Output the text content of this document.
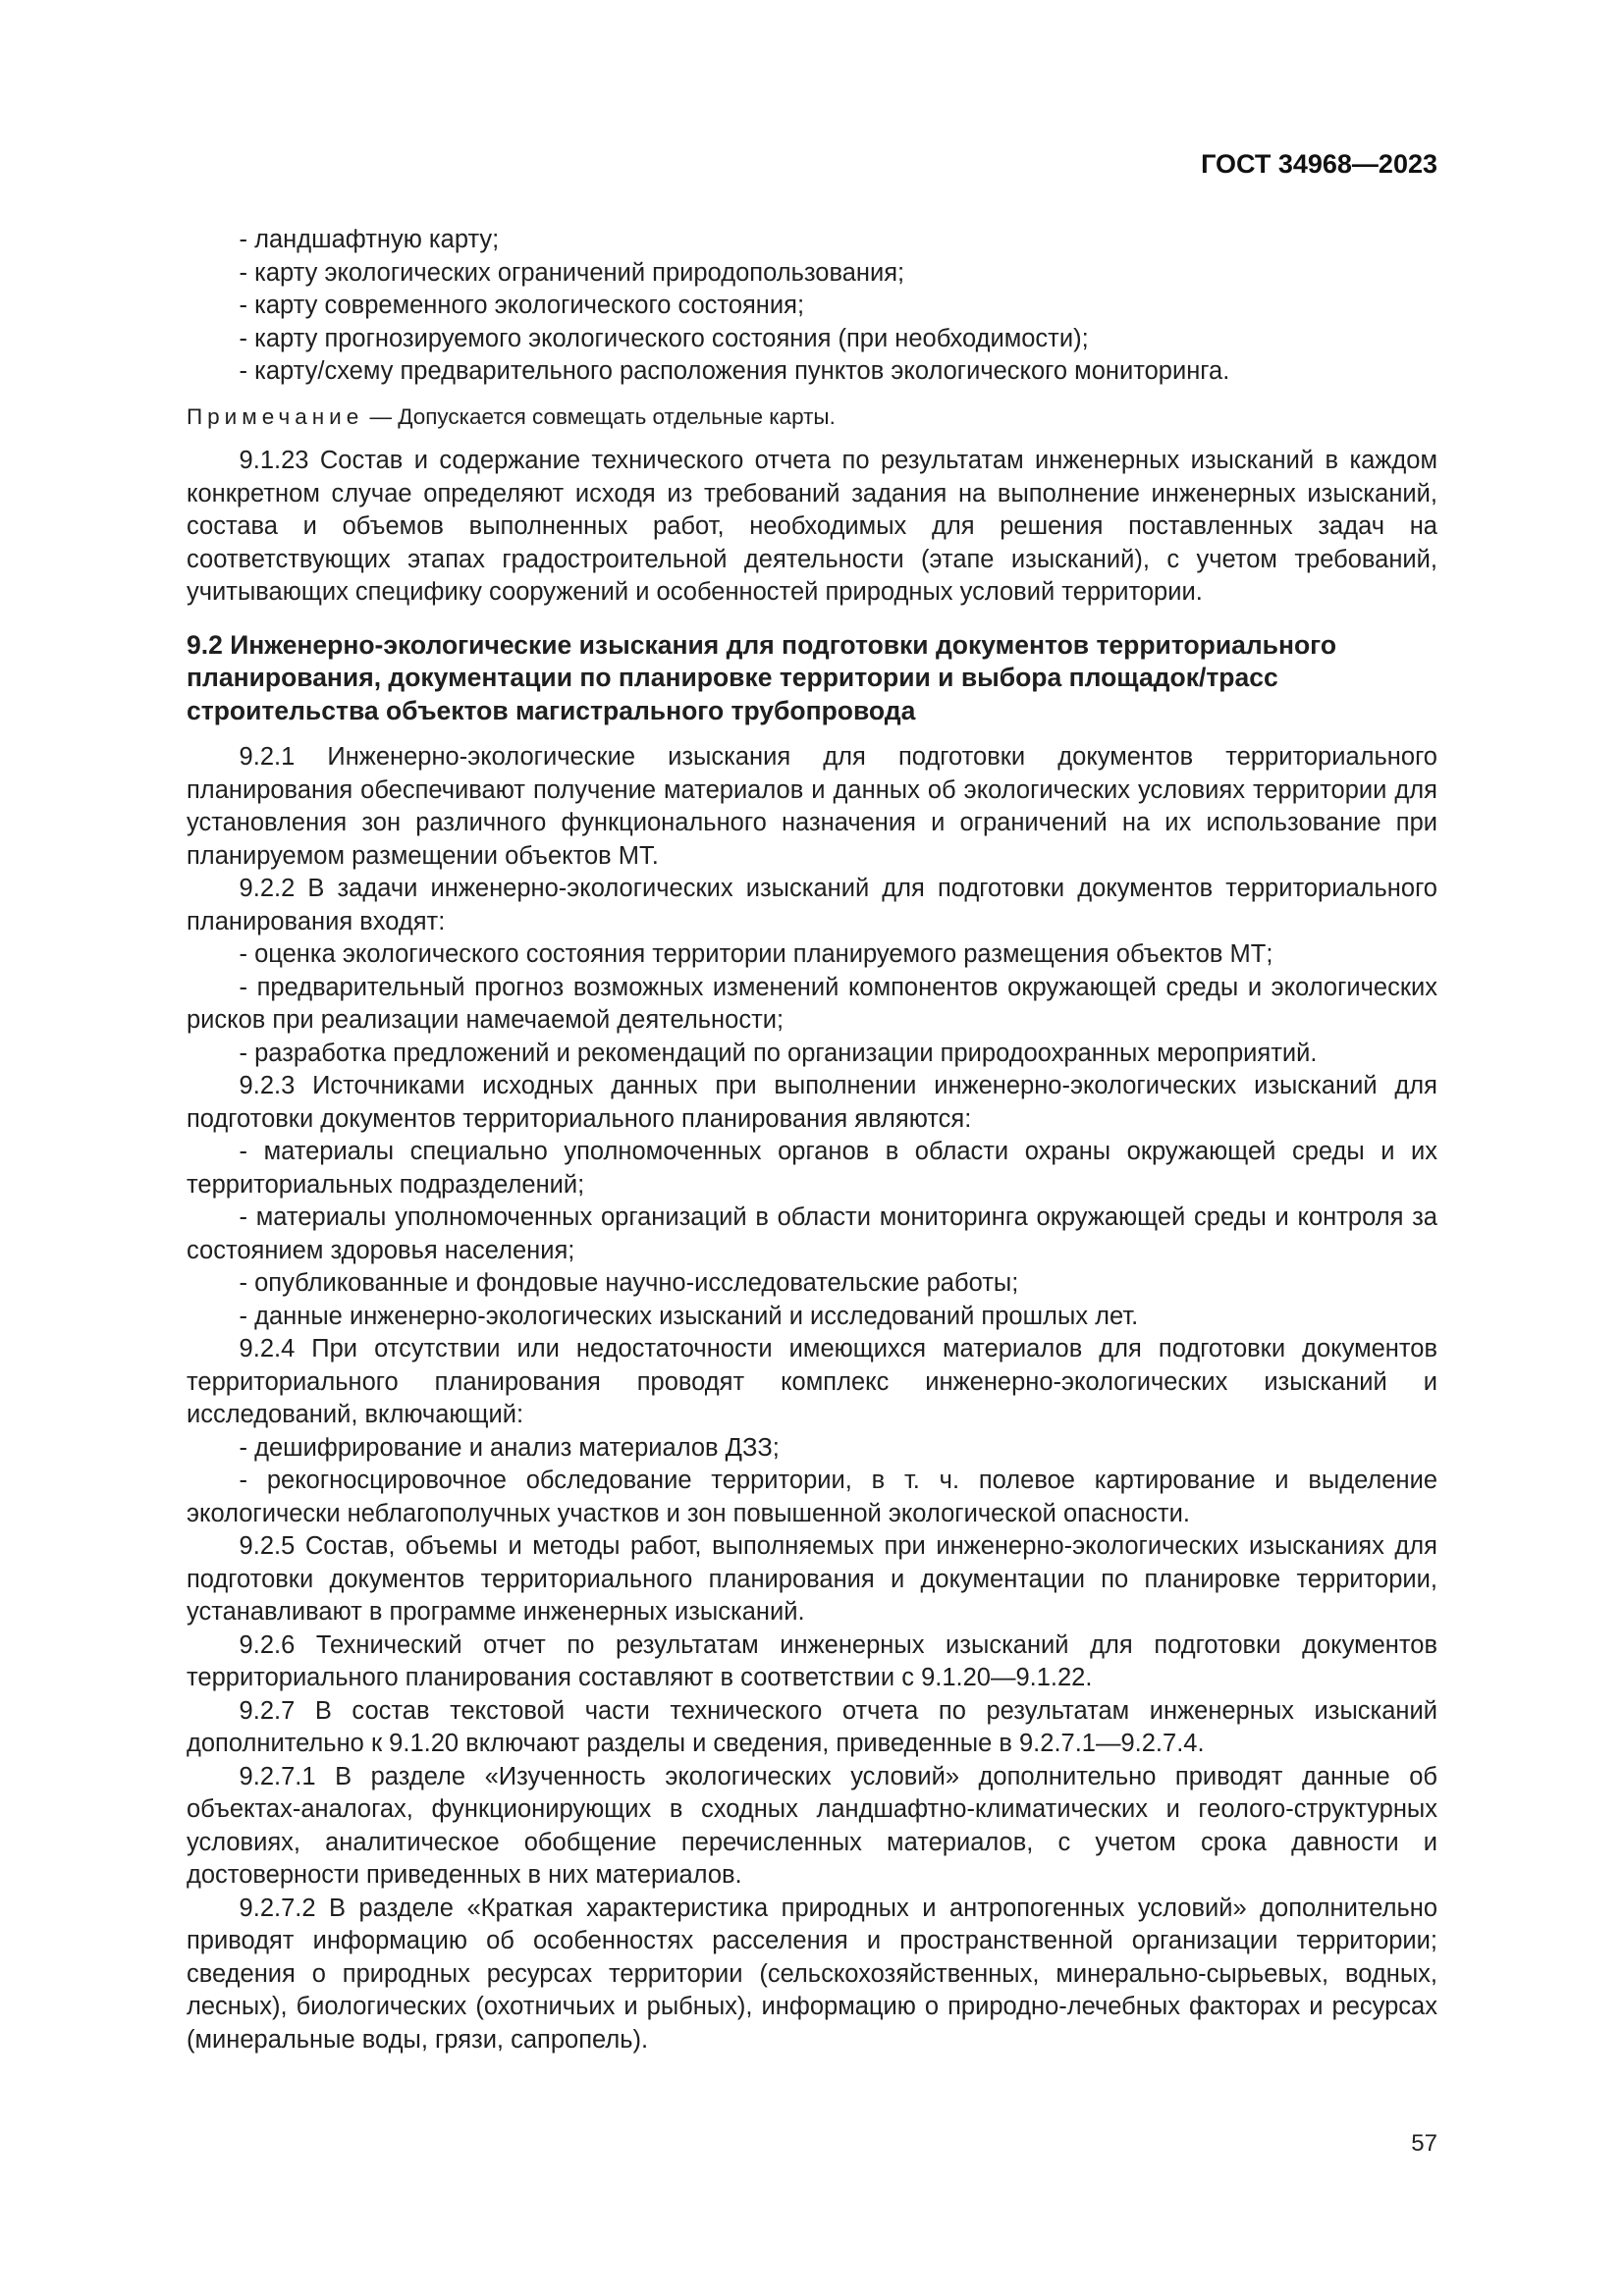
ГОСТ 34968—2023

- ландшафтную карту;

- карту экологических ограничений природопользования;

- карту современного экологического состояния;

- карту прогнозируемого экологического состояния (при необходимости);

- карту/схему предварительного расположения пунктов экологического мониторинга.

Примечание — Допускается совмещать отдельные карты.

9.1.23 Состав и содержание технического отчета по результатам инженерных изысканий в каждом конкретном случае определяют исходя из требований задания на выполнение инженерных изысканий, состава и объемов выполненных работ, необходимых для решения поставленных задач на соответствующих этапах градостроительной деятельности (этапе изысканий), с учетом требований, учитывающих специфику сооружений и особенностей природных условий территории.

9.2 Инженерно-экологические изыскания для подготовки документов территориального планирования, документации по планировке территории и выбора площадок/трасс строительства объектов магистрального трубопровода

9.2.1 Инженерно-экологические изыскания для подготовки документов территориального планирования обеспечивают получение материалов и данных об экологических условиях территории для установления зон различного функционального назначения и ограничений на их использование при планируемом размещении объектов МТ.

9.2.2 В задачи инженерно-экологических изысканий для подготовки документов территориального планирования входят:

- оценка экологического состояния территории планируемого размещения объектов МТ;

- предварительный прогноз возможных изменений компонентов окружающей среды и экологических рисков при реализации намечаемой деятельности;

- разработка предложений и рекомендаций по организации природоохранных мероприятий.

9.2.3 Источниками исходных данных при выполнении инженерно-экологических изысканий для подготовки документов территориального планирования являются:

- материалы специально уполномоченных органов в области охраны окружающей среды и их территориальных подразделений;

- материалы уполномоченных организаций в области мониторинга окружающей среды и контроля за состоянием здоровья населения;

- опубликованные и фондовые научно-исследовательские работы;

- данные инженерно-экологических изысканий и исследований прошлых лет.

9.2.4 При отсутствии или недостаточности имеющихся материалов для подготовки документов территориального планирования проводят комплекс инженерно-экологических изысканий и исследований, включающий:

- дешифрирование и анализ материалов ДЗЗ;

- рекогносцировочное обследование территории, в т. ч. полевое картирование и выделение экологически неблагополучных участков и зон повышенной экологической опасности.

9.2.5 Состав, объемы и методы работ, выполняемых при инженерно-экологических изысканиях для подготовки документов территориального планирования и документации по планировке территории, устанавливают в программе инженерных изысканий.

9.2.6 Технический отчет по результатам инженерных изысканий для подготовки документов территориального планирования составляют в соответствии с 9.1.20—9.1.22.

9.2.7 В состав текстовой части технического отчета по результатам инженерных изысканий дополнительно к 9.1.20 включают разделы и сведения, приведенные в 9.2.7.1—9.2.7.4.

9.2.7.1 В разделе «Изученность экологических условий» дополнительно приводят данные об объектах-аналогах, функционирующих в сходных ландшафтно-климатических и геолого-структурных условиях, аналитическое обобщение перечисленных материалов, с учетом срока давности и достоверности приведенных в них материалов.

9.2.7.2 В разделе «Краткая характеристика природных и антропогенных условий» дополнительно приводят информацию об особенностях расселения и пространственной организации территории; сведения о природных ресурсах территории (сельскохозяйственных, минерально-сырьевых, водных, лесных), биологических (охотничьих и рыбных), информацию о природно-лечебных факторах и ресурсах (минеральные воды, грязи, сапропель).

57
